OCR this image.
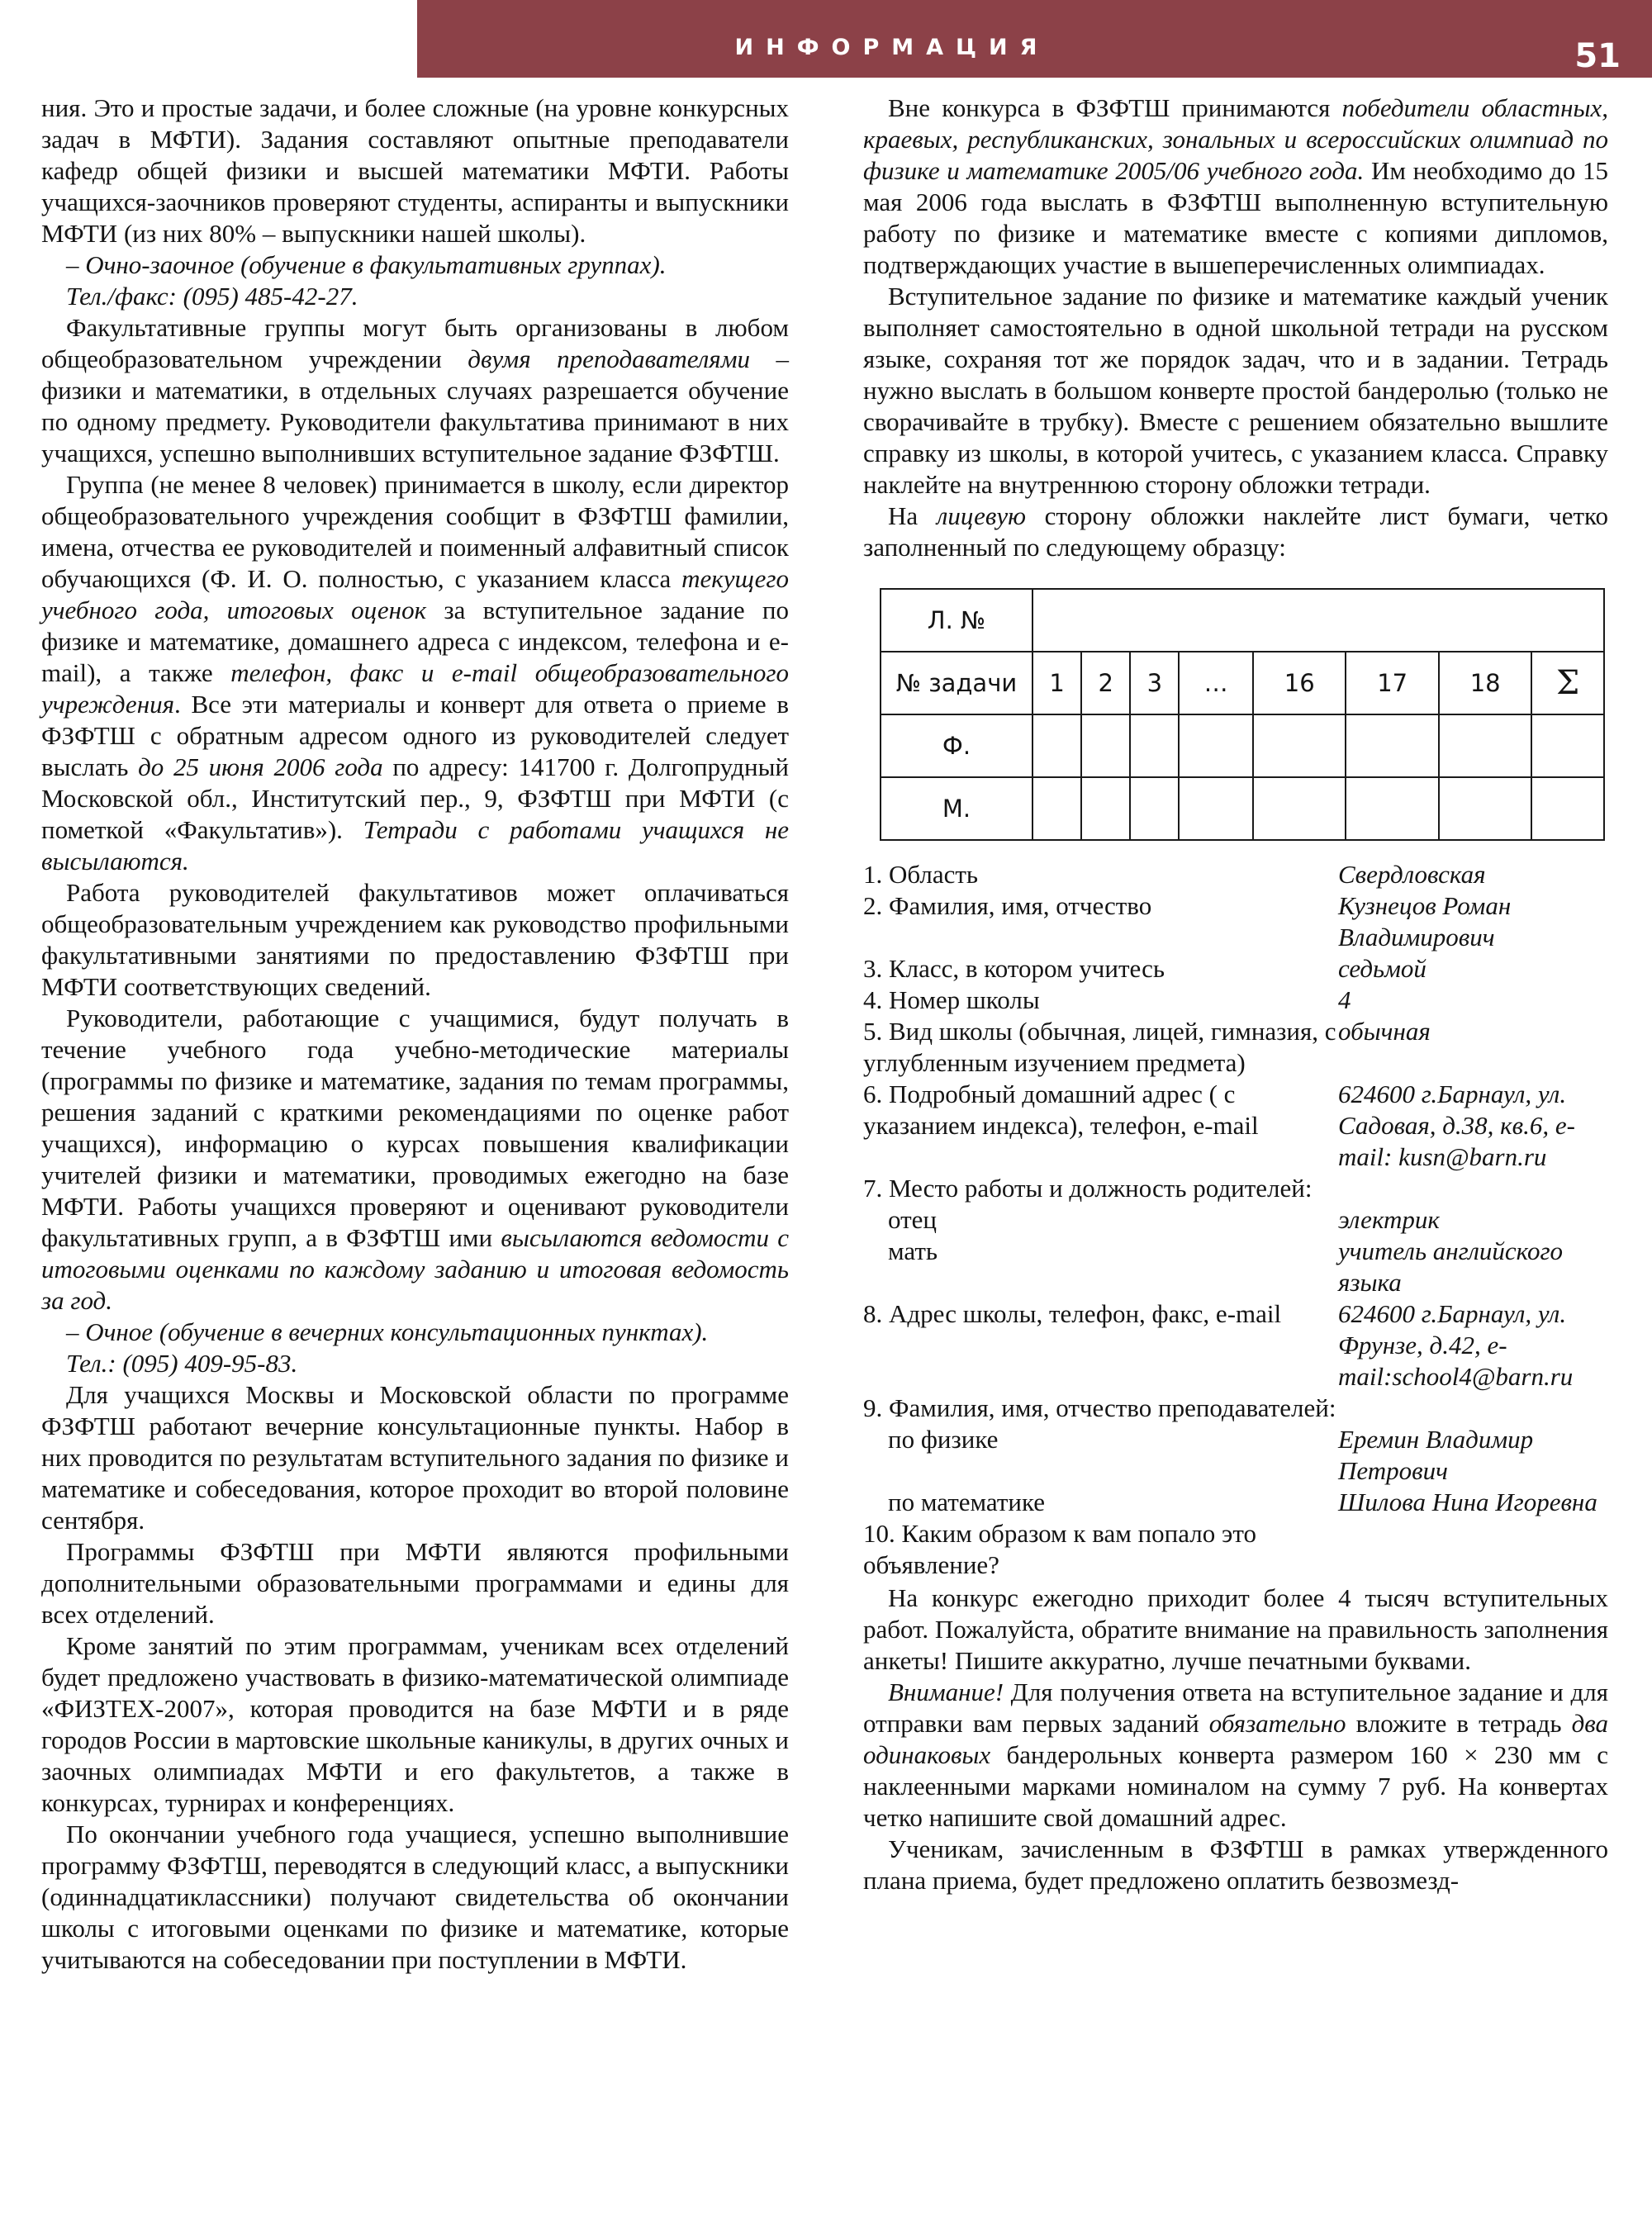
ИНФОРМАЦИЯ	51

ния. Это и простые задачи, и более сложные (на уровне конкурсных задач в МФТИ). Задания составляют опытные преподаватели кафедр общей физики и высшей математики МФТИ. Работы учащихся-заочников проверяют студенты, аспиранты и выпускники МФТИ (из них 80% – выпускники нашей школы).

– Очно-заочное (обучение в факультативных группах).

Тел./факс: (095) 485-42-27.

Факультативные группы могут быть организованы в любом общеобразовательном учреждении двумя преподавателями – физики и математики, в отдельных случаях разрешается обучение по одному предмету. Руководители факультатива принимают в них учащихся, успешно выполнивших вступительное задание ФЗФТШ.

Группа (не менее 8 человек) принимается в школу, если директор общеобразовательного учреждения сообщит в ФЗФТШ фамилии, имена, отчества ее руководителей и поименный алфавитный список обучающихся (Ф. И. О. полностью, с указанием класса текущего учебного года, итоговых оценок за вступительное задание по физике и математике, домашнего адреса с индексом, телефона и e-mail), а также телефон, факс и e-mail общеобразовательного учреждения. Все эти материалы и конверт для ответа о приеме в ФЗФТШ с обратным адресом одного из руководителей следует выслать до 25 июня 2006 года по адресу: 141700 г. Долгопрудный Московской обл., Институтский пер., 9, ФЗФТШ при МФТИ (с пометкой «Факультатив»). Тетради с работами учащихся не высылаются.

Работа руководителей факультативов может оплачиваться общеобразовательным учреждением как руководство профильными факультативными занятиями по предоставлению ФЗФТШ при МФТИ соответствующих сведений.

Руководители, работающие с учащимися, будут получать в течение учебного года учебно-методические материалы (программы по физике и математике, задания по темам программы, решения заданий с краткими рекомендациями по оценке работ учащихся), информацию о курсах повышения квалификации учителей физики и математики, проводимых ежегодно на базе МФТИ. Работы учащихся проверяют и оценивают руководители факультативных групп, а в ФЗФТШ ими высылаются ведомости с итоговыми оценками по каждому заданию и итоговая ведомость за год.

– Очное (обучение в вечерних консультационных пунктах).

Тел.: (095) 409-95-83.

Для учащихся Москвы и Московской области по программе ФЗФТШ работают вечерние консультационные пункты. Набор в них проводится по результатам вступительного задания по физике и математике и собеседования, которое проходит во второй половине сентября.

Программы ФЗФТШ при МФТИ являются профильными дополнительными образовательными программами и едины для всех отделений.

Кроме занятий по этим программам, ученикам всех отделений будет предложено участвовать в физико-математической олимпиаде «ФИЗТЕХ-2007», которая проводится на базе МФТИ и в ряде городов России в мартовские школьные каникулы, в других очных и заочных олимпиадах МФТИ и его факультетов, а также в конкурсах, турнирах и конференциях.

По окончании учебного года учащиеся, успешно выполнившие программу ФЗФТШ, переводятся в следующий класс, а выпускники (одиннадцатиклассники) получают свидетельства об окончании школы с итоговыми оценками по физике и математике, которые учитываются на собеседовании при поступлении в МФТИ.

Вне конкурса в ФЗФТШ принимаются победители областных, краевых, республиканских, зональных и всероссийских олимпиад по физике и математике 2005/06 учебного года. Им необходимо до 15 мая 2006 года выслать в ФЗФТШ выполненную вступительную работу по физике и математике вместе с копиями дипломов, подтверждающих участие в вышеперечисленных олимпиадах.

Вступительное задание по физике и математике каждый ученик выполняет самостоятельно в одной школьной тетради на русском языке, сохраняя тот же порядок задач, что и в задании. Тетрадь нужно выслать в большом конверте простой бандеролью (только не сворачивайте в трубку). Вместе с решением обязательно вышлите справку из школы, в которой учитесь, с указанием класса. Справку наклейте на внутреннюю сторону обложки тетради.

На лицевую сторону обложки наклейте лист бумаги, четко заполненный по следующему образцу:

Л. №								
№ задачи	1	2	3	…	16	17	18	Σ
Ф.								
М.								
1. Область	Свердловская
2. Фамилия, имя, отчество	Кузнецов Роман Владимирович
3. Класс, в котором учитесь	седьмой
4. Номер школы	4
5. Вид школы (обычная, лицей, гимназия, с углубленным изучением предмета)	обычная
6. Подробный домашний адрес ( с указанием индекса), телефон, e-mail	624600 г.Барнаул, ул. Садовая, д.38, кв.6, e-mail: kusn@barn.ru
7. Место работы и должность родителей:	
отец	электрик
мать	учитель английского языка
8. Адрес школы, телефон, факс, e-mail	624600 г.Барнаул, ул. Фрунзе, д.42, e-mail:school4@barn.ru
9. Фамилия, имя, отчество преподавателей:	
по физике	Еремин Владимир Петрович
по математике	Шилова Нина Игоревна
10. Каким образом к вам попало это объявление?	

На конкурс ежегодно приходит более 4 тысяч вступительных работ. Пожалуйста, обратите внимание на правильность заполнения анкеты! Пишите аккуратно, лучше печатными буквами.

Внимание! Для получения ответа на вступительное задание и для отправки вам первых заданий обязательно вложите в тетрадь два одинаковых бандерольных конверта размером 160 × 230 мм с наклеенными марками номиналом на сумму 7 руб. На конвертах четко напишите свой домашний адрес.

Ученикам, зачисленным в ФЗФТШ в рамках утвержденного плана приема, будет предложено оплатить безвозмезд-
